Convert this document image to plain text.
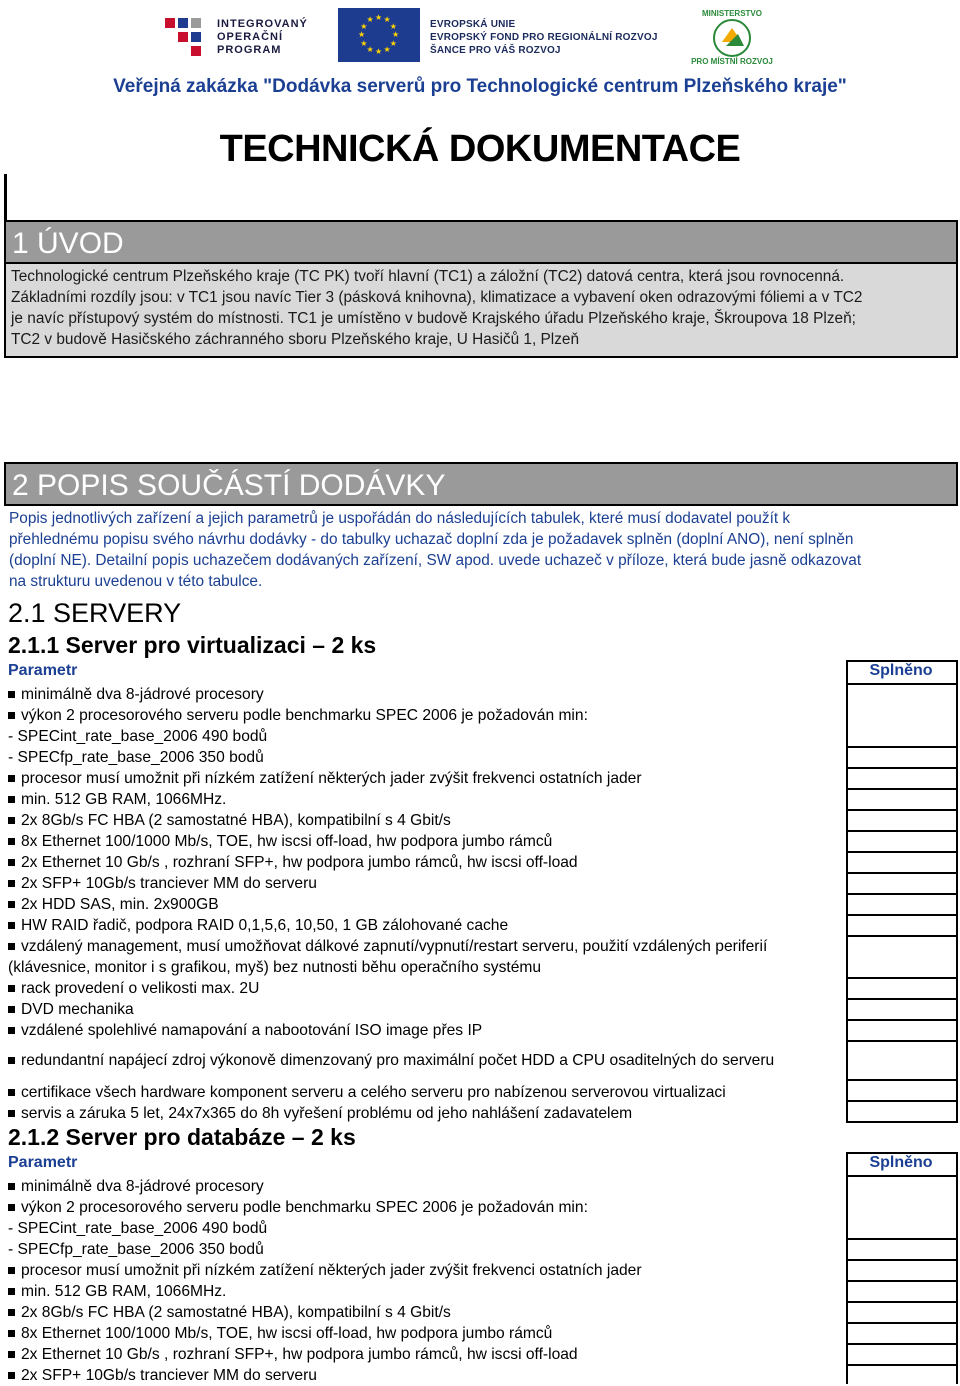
INTEGROVANÝ
OPERAČNÍ
PROGRAM
★ ★
★
★
★
★
★
★
★
★
★
★	EVROPSKÁ UNIE
EVROPSKÝ FOND PRO REGIONÁLNÍ ROZVOJ
ŠANCE PRO VÁŠ ROZVOJ
MINISTERSTVO
PRO MÍSTNÍ ROZVOJ
Veřejná zakázka "Dodávka serverů pro Technologické centrum Plzeňského kraje"
TECHNICKÁ DOKUMENTACE
1 ÚVOD
Technologické centrum Plzeňského kraje (TC PK) tvoří hlavní (TC1) a záložní (TC2) datová centra, která jsou rovnocenná.
Základními rozdíly jsou: v TC1 jsou navíc Tier 3 (pásková knihovna), klimatizace a vybavení oken odrazovými fóliemi a v TC2
je navíc přístupový systém do místnosti. TC1 je umístěno v budově Krajského úřadu Plzeňského kraje, Škroupova 18 Plzeň;
TC2 v budově Hasičského záchranného sboru Plzeňského kraje, U Hasičů 1, Plzeň
2 POPIS SOUČÁSTÍ DODÁVKY
Popis jednotlivých zařízení a jejich parametrů je uspořádán do následujících tabulek, které musí dodavatel použít k
přehlednému popisu svého návrhu dodávky - do tabulky uchazač doplní zda je požadavek splněn (doplní ANO), není splněn
(doplní NE). Detailní popis uchazečem dodávaných zařízení, SW apod. uvede uchazeč v příloze, která bude jasně odkazovat
na strukturu uvedenou v této tabulce.
2.1 SERVERY
2.1.1 Server pro virtualizaci – 2 ks
Parametr	Splněno
minimálně dva 8-jádrové procesory
výkon 2 procesorového serveru podle benchmarku SPEC 2006 je požadován min:
- SPECint_rate_base_2006 490 bodů
- SPECfp_rate_base_2006 350 bodů
procesor musí umožnit při nízkém zatížení některých jader zvýšit frekvenci ostatních jader
min. 512 GB RAM, 1066MHz.
2x 8Gb/s FC HBA (2 samostatné HBA), kompatibilní s 4 Gbit/s
8x Ethernet 100/1000 Mb/s, TOE, hw iscsi off-load, hw podpora jumbo rámců
2x Ethernet 10 Gb/s , rozhraní SFP+, hw podpora jumbo rámců, hw iscsi off-load
2x SFP+ 10Gb/s tranciever MM do serveru
2x HDD SAS, min. 2x900GB
HW RAID řadič, podpora RAID 0,1,5,6, 10,50, 1 GB zálohované cache
vzdálený management, musí umožňovat dálkové zapnutí/vypnutí/restart serveru, použití vzdálených periferií
(klávesnice, monitor i s grafikou, myš) bez nutnosti běhu operačního systému
rack provedení o velikosti max. 2U
DVD mechanika
vzdálené spolehlivé namapování a nabootování ISO image přes IP
redundantní napájecí zdroj výkonově dimenzovaný pro maximální počet HDD a CPU osaditelných do serveru
certifikace všech hardware komponent serveru a celého serveru pro nabízenou serverovou virtualizaci
servis a záruka 5 let, 24x7x365 do 8h vyřešení problému od jeho nahlášení zadavatelem
2.1.2 Server pro databáze – 2 ks
Parametr	Splněno
minimálně dva 8-jádrové procesory
výkon 2 procesorového serveru podle benchmarku SPEC 2006 je požadován min:
- SPECint_rate_base_2006 490 bodů
- SPECfp_rate_base_2006 350 bodů
procesor musí umožnit při nízkém zatížení některých jader zvýšit frekvenci ostatních jader
min. 512 GB RAM, 1066MHz.
2x 8Gb/s FC HBA (2 samostatné HBA), kompatibilní s 4 Gbit/s
8x Ethernet 100/1000 Mb/s, TOE, hw iscsi off-load, hw podpora jumbo rámců
2x Ethernet 10 Gb/s , rozhraní SFP+, hw podpora jumbo rámců, hw iscsi off-load
2x SFP+ 10Gb/s tranciever MM do serveru
